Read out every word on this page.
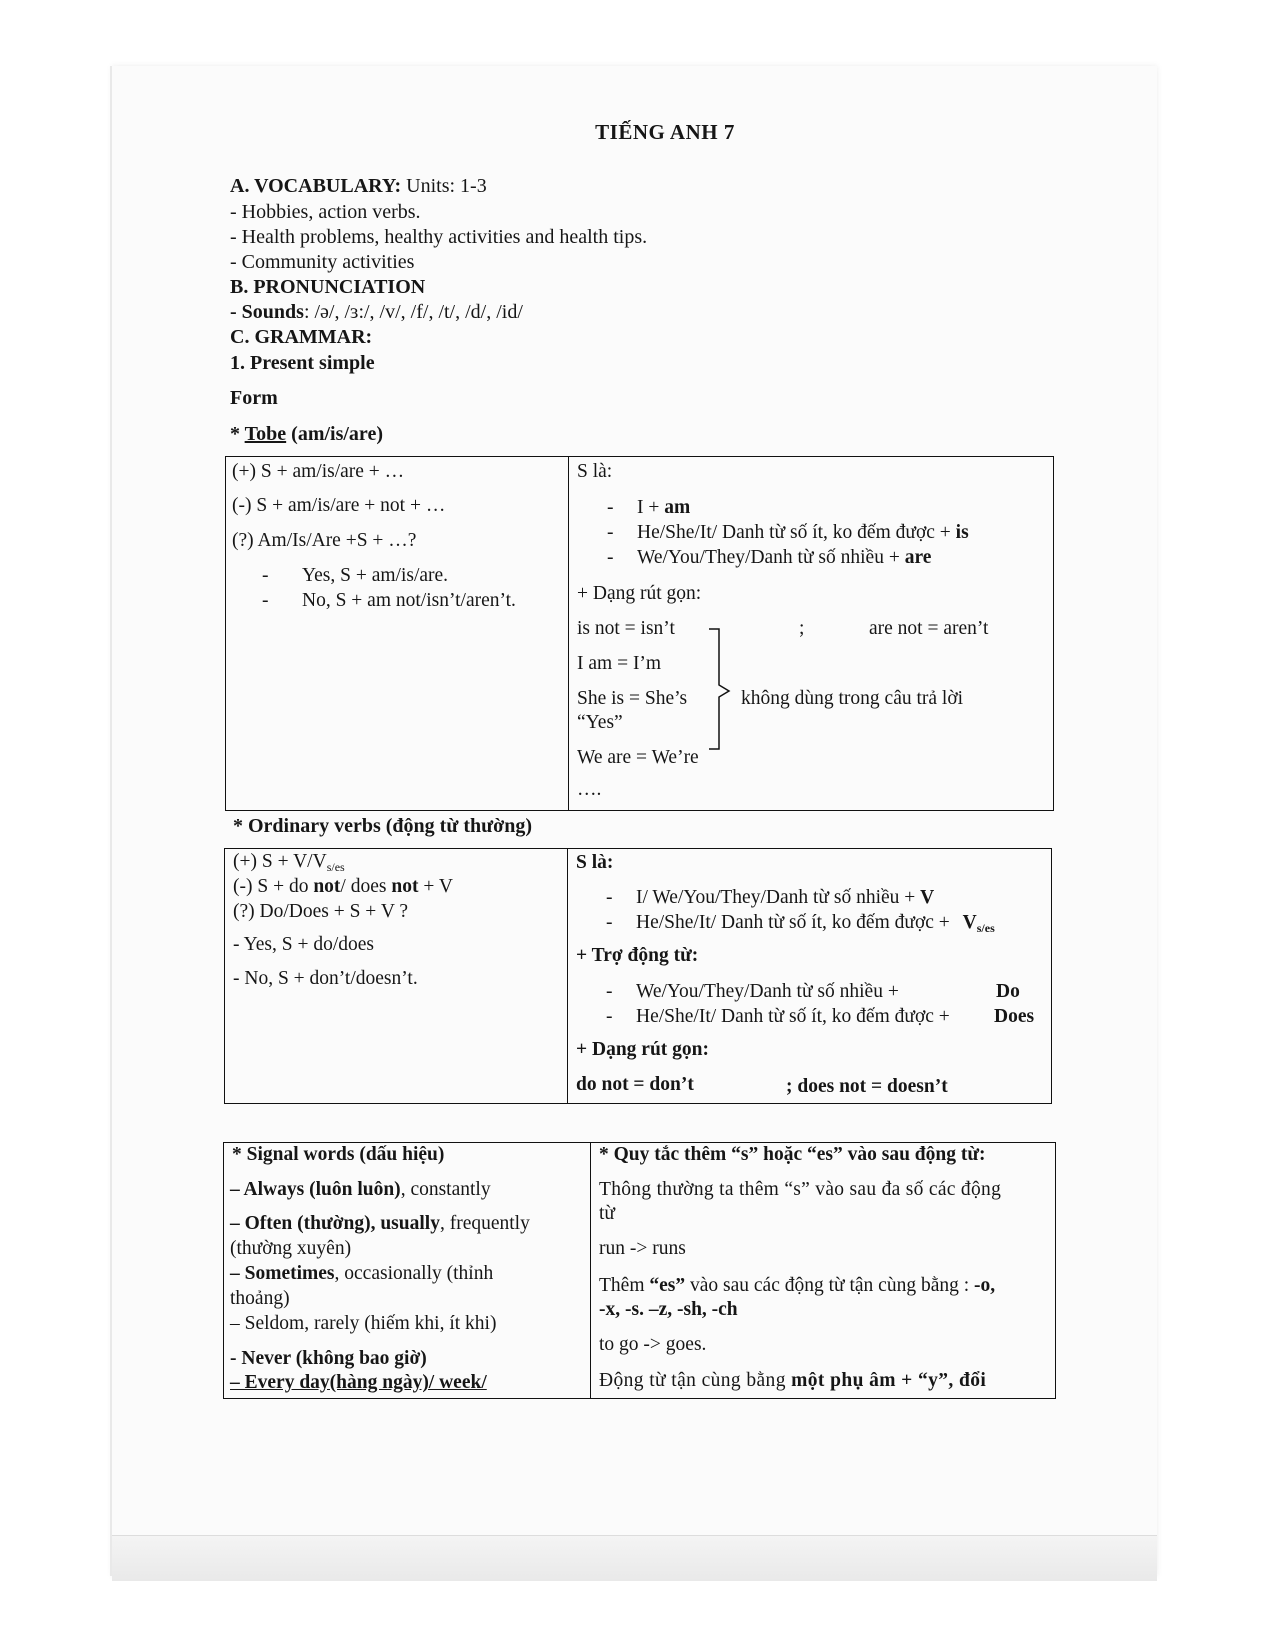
TIẾNG ANH 7
A. VOCABULARY: Units: 1-3
- Hobbies, action verbs.
- Health problems, healthy activities and health tips.
- Community activities
B. PRONUNCIATION
- Sounds: /ə/, /ɜ:/, /v/, /f/, /t/, /d/, /id/
C. GRAMMAR:
1. Present simple
Form
* Tobe (am/is/are)
(+) S + am/is/are + …
(-) S + am/is/are + not + …
(?) Am/Is/Are +S + …?
- Yes, S + am/is/are.
- No, S + am not/isn’t/aren’t.

S là:
- I + am
- He/She/It/ Danh từ số ít, ko đếm được + is
- We/You/They/Danh từ số nhiều + are
+ Dạng rút gọn:
is not = isn’t	;	are not = aren’t
I am = I’m
She is = She’s
“Yes”
We are = We’re
….
không dùng trong câu trả lời
* Ordinary verbs (động từ thường)
(+) $S + V/V_{s/es}$
(-) S + do not/ does not + V
(?) Do/Does + S + V ?
- Yes, S + do/does
- No, S + don’t/doesn’t.

S là:
- I/ We/You/They/Danh từ số nhiều + V
- He/She/It/ Danh từ số ít, ko đếm được + $V_{s/es}$
+ Trợ động từ:
- We/You/They/Danh từ số nhiều +	Do
- He/She/It/ Danh từ số ít, ko đếm được + Does
+ Dạng rút gọn:
do not = don’t	; does not = doesn’t
* Signal words (dấu hiệu)
– Always (luôn luôn), constantly
– Often (thường), usually, frequently
(thường xuyên)
– Sometimes, occasionally (thỉnh
thoảng)
– Seldom, rarely (hiếm khi, ít khi)
- Never (không bao giờ)
– Every day(hàng ngày)/ week/

* Quy tắc thêm “s” hoặc “es” vào sau động từ:
Thông thường ta thêm “s” vào sau đa số các động
từ
run -> runs
Thêm “es” vào sau các động từ tận cùng bằng : -o,
-x, -s. –z, -sh, -ch
to go -> goes.
Động từ tận cùng bằng một phụ âm + “y”, đổi
